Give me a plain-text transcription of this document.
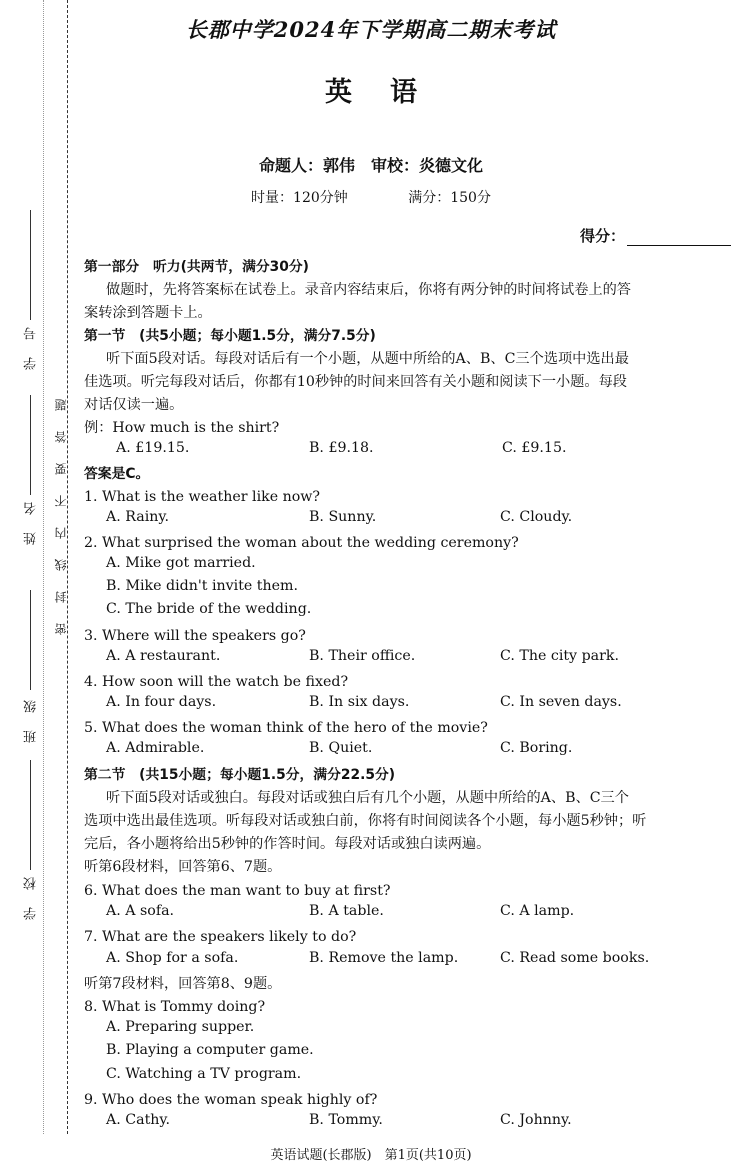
学　号
姓　名
班　级
学　校
密　封　线　内　不　要　答　题
长郡中学2024年下学期高二期末考试
英语
命题人：郭伟　审校：炎德文化
时量：120分钟	满分：150分
得分：
第一部分　听力(共两节，满分30分)
做题时，先将答案标在试卷上。录音内容结束后，你将有两分钟的时间将试卷上的答
案转涂到答题卡上。
第一节　(共5小题；每小题1.5分，满分7.5分)
听下面5段对话。每段对话后有一个小题，从题中所给的A、B、C三个选项中选出最
佳选项。听完每段对话后，你都有10秒钟的时间来回答有关小题和阅读下一小题。每段
对话仅读一遍。
例：How much is the shirt?
A. £19.15.	B. £9.18.	C. £9.15.
答案是C。
1. What is the weather like now?
A. Rainy.	B. Sunny.	C. Cloudy.
2. What surprised the woman about the wedding ceremony?
A. Mike got married.
B. Mike didn't invite them.
C. The bride of the wedding.
3. Where will the speakers go?
A. A restaurant.	B. Their office.	C. The city park.
4. How soon will the watch be fixed?
A. In four days.	B. In six days.	C. In seven days.
5. What does the woman think of the hero of the movie?
A. Admirable.	B. Quiet.	C. Boring.
第二节　(共15小题；每小题1.5分，满分22.5分)
听下面5段对话或独白。每段对话或独白后有几个小题，从题中所给的A、B、C三个
选项中选出最佳选项。听每段对话或独白前，你将有时间阅读各个小题，每小题5秒钟；听
完后，各小题将给出5秒钟的作答时间。每段对话或独白读两遍。
听第6段材料，回答第6、7题。
6. What does the man want to buy at first?
A. A sofa.	B. A table.	C. A lamp.
7. What are the speakers likely to do?
A. Shop for a sofa.	B. Remove the lamp.	C. Read some books.
听第7段材料，回答第8、9题。
8. What is Tommy doing?
A. Preparing supper.
B. Playing a computer game.
C. Watching a TV program.
9. Who does the woman speak highly of?
A. Cathy.	B. Tommy.	C. Johnny.
英语试题(长郡版)　第1页(共10页)
